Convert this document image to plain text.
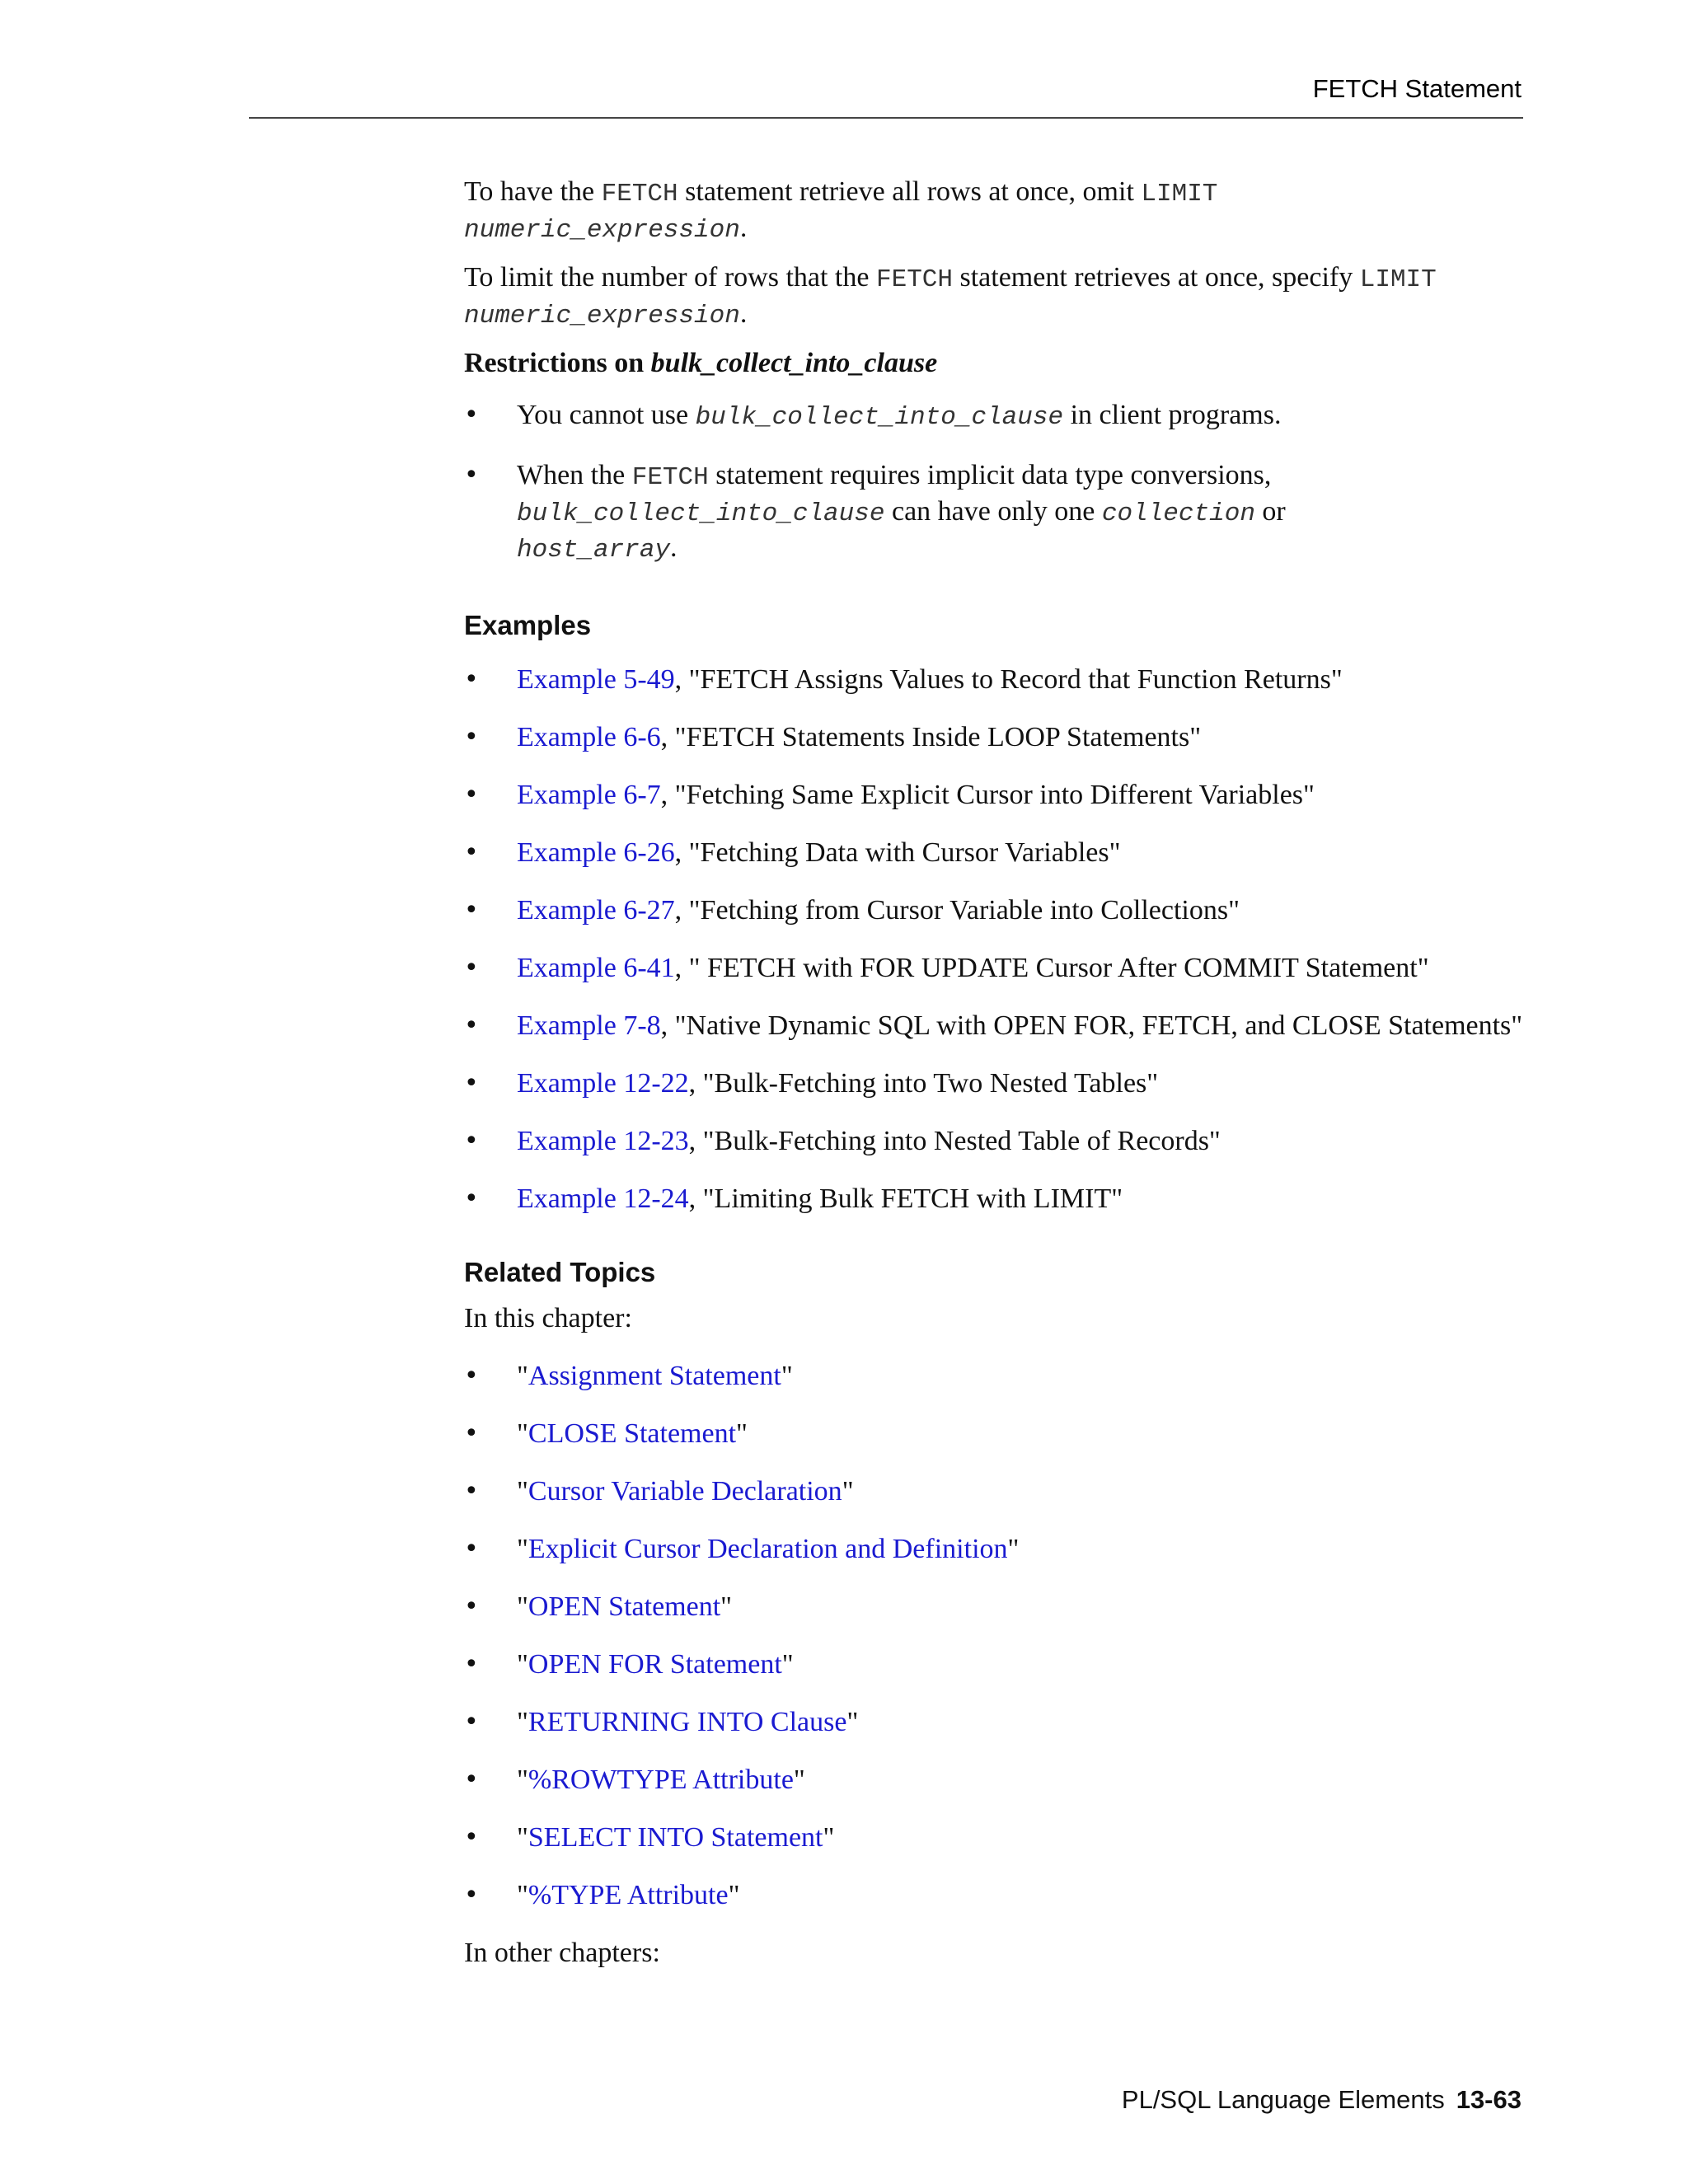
FETCH Statement

To have the FETCH statement retrieve all rows at once, omit LIMIT
numeric_expression.

To limit the number of rows that the FETCH statement retrieves at once, specify LIMIT
numeric_expression.

Restrictions on bulk_collect_into_clause

• You cannot use bulk_collect_into_clause in client programs.
• When the FETCH statement requires implicit data type conversions,
bulk_collect_into_clause can have only one collection or
host_array.
Examples
• Example 5-49, "FETCH Assigns Values to Record that Function Returns"
• Example 6-6, "FETCH Statements Inside LOOP Statements"
• Example 6-7, "Fetching Same Explicit Cursor into Different Variables"
• Example 6-26, "Fetching Data with Cursor Variables"
• Example 6-27, "Fetching from Cursor Variable into Collections"
• Example 6-41, " FETCH with FOR UPDATE Cursor After COMMIT Statement"
• Example 7-8, "Native Dynamic SQL with OPEN FOR, FETCH, and CLOSE Statements"
• Example 12-22, "Bulk-Fetching into Two Nested Tables"
• Example 12-23, "Bulk-Fetching into Nested Table of Records"
• Example 12-24, "Limiting Bulk FETCH with LIMIT"
Related Topics

In this chapter:

• "Assignment Statement"
• "CLOSE Statement"
• "Cursor Variable Declaration"
• "Explicit Cursor Declaration and Definition"
• "OPEN Statement"
• "OPEN FOR Statement"
• "RETURNING INTO Clause"
• "%ROWTYPE Attribute"
• "SELECT INTO Statement"
• "%TYPE Attribute"

In other chapters:

PL/SQL Language Elements 13-63
